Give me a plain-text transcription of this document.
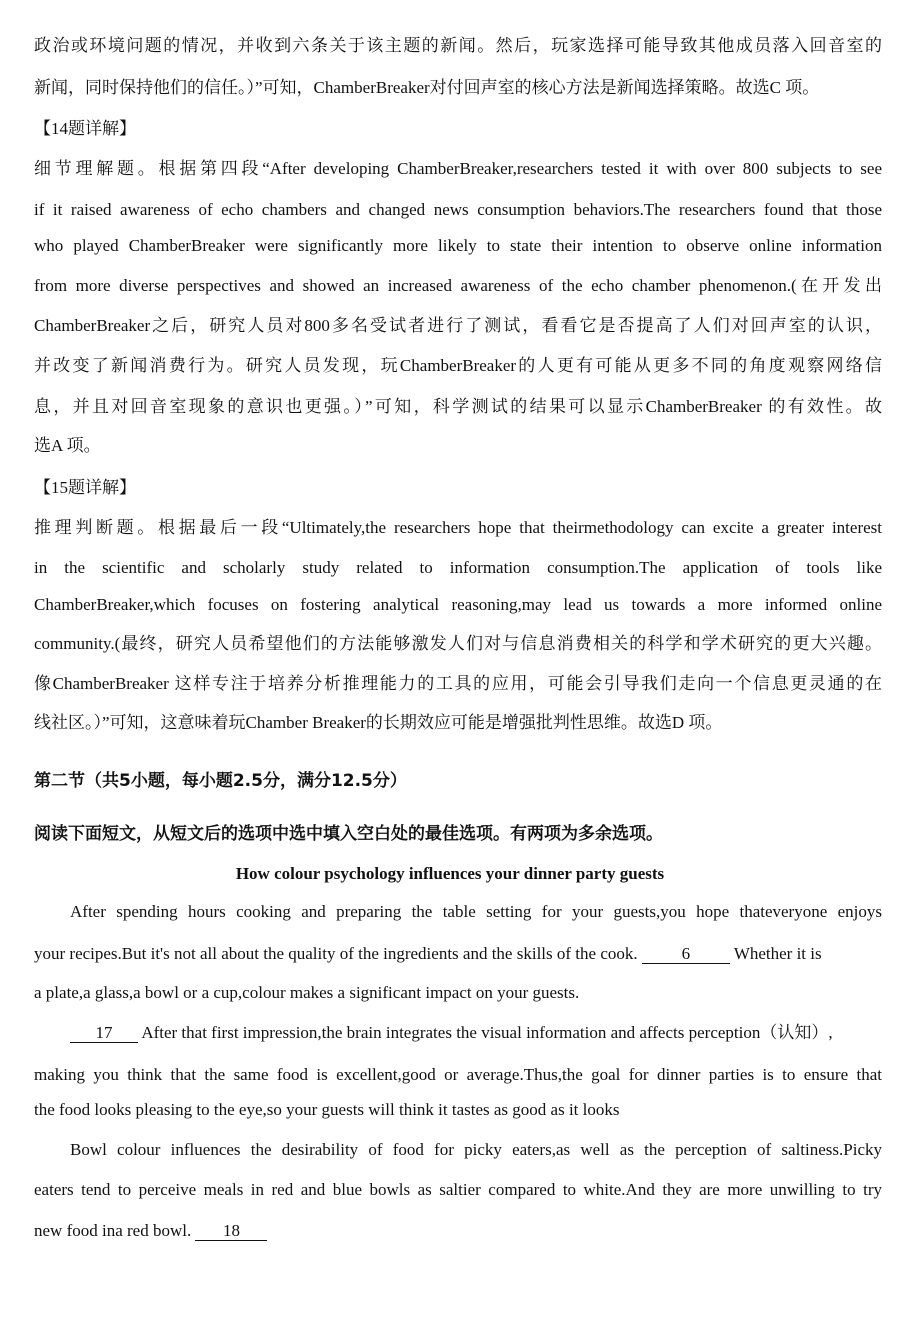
政治或环境问题的情况，并收到六条关于该主题的新闻。然后，玩家选择可能导致其他成员落入回音室的
新闻，同时保持他们的信任。）”可知，ChamberBreaker对付回声室的核心方法是新闻选择策略。故选C 项。
【14题详解】
细节理解题。根据第四段“After developing ChamberBreaker,researchers tested it with over 800 subjects to see
if it raised awareness of echo chambers and changed news consumption behaviors.The researchers found that those
who played ChamberBreaker were significantly more likely to state their intention to observe online information
from more diverse perspectives and showed an increased awareness of the echo chamber phenomenon.(在开发出
ChamberBreaker之后，研究人员对800多名受试者进行了测试，看看它是否提高了人们对回声室的认识，
并改变了新闻消费行为。研究人员发现，玩ChamberBreaker的人更有可能从更多不同的角度观察网络信
息，并且对回音室现象的意识也更强。）”可知，科学测试的结果可以显示ChamberBreaker 的有效性。故
选A 项。
【15题详解】
推理判断题。根据最后一段“Ultimately,the researchers hope that theirmethodology can excite a greater interest
in the scientific and scholarly study related to information consumption.The application of tools like
ChamberBreaker,which focuses on fostering analytical reasoning,may lead us towards a more informed online
community.(最终，研究人员希望他们的方法能够激发人们对与信息消费相关的科学和学术研究的更大兴趣。
像ChamberBreaker 这样专注于培养分析推理能力的工具的应用，可能会引导我们走向一个信息更灵通的在
线社区。）”可知，这意味着玩Chamber Breaker的长期效应可能是增强批判性思维。故选D 项。
第二节（共5小题，每小题2.5分，满分12.5分）
阅读下面短文，从短文后的选项中选中填入空白处的最佳选项。有两项为多余选项。
How colour psychology influences your dinner party guests
After spending hours cooking and preparing the table setting for your guests,you hope thateveryone enjoys
your recipes.But it's not all about the quality of the ingredients and the skills of the cook.	6	Whether it is
a plate,a glass,a bowl or a cup,colour makes a significant impact on your guests.
17 After that first impression,the brain integrates the visual information and affects perception（认知）,
making you think that the same food is excellent,good or average.Thus,the goal for dinner parties is to ensure that
the food looks pleasing to the eye,so your guests will think it tastes as good as it looks
Bowl colour influences the desirability of food for picky eaters,as well as the perception of saltiness.Picky
eaters tend to perceive meals in red and blue bowls as saltier compared to white.And they are more unwilling to try
new food ina red bowl. 18
